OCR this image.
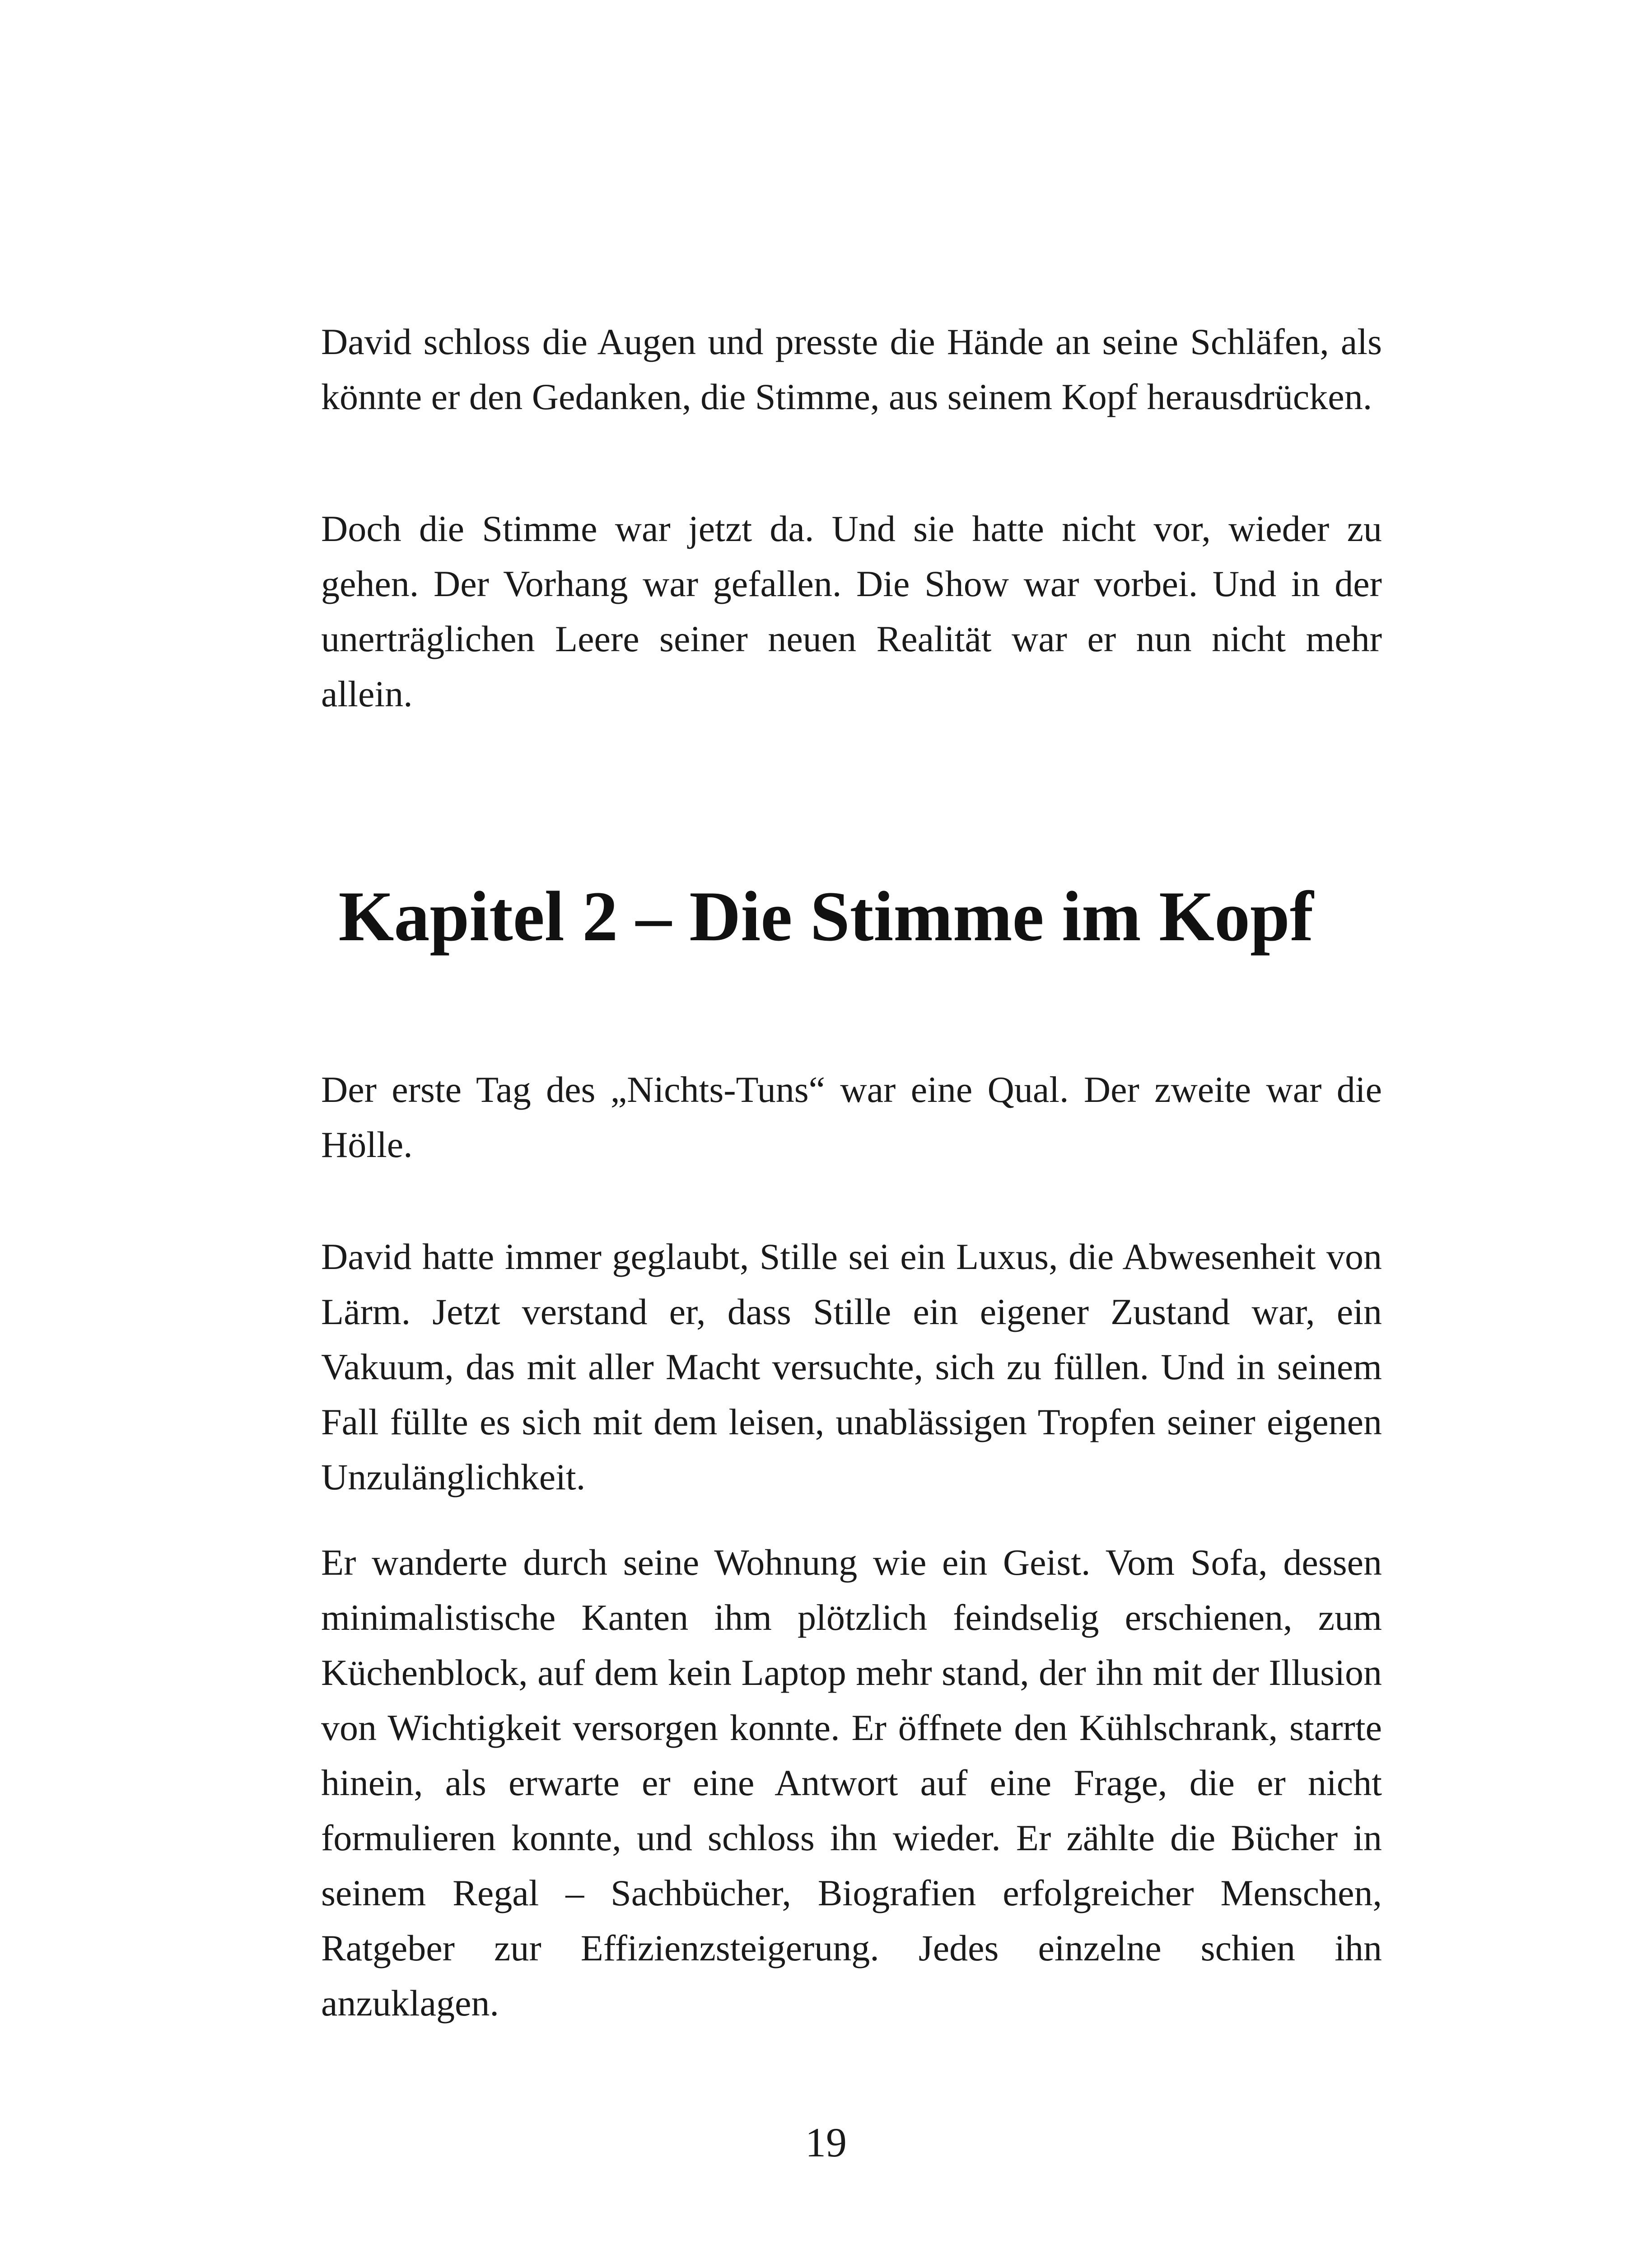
David schloss die Augen und presste die Hände an seine Schläfen, als könnte er den Gedanken, die Stimme, aus seinem Kopf herausdrücken.

Doch die Stimme war jetzt da. Und sie hatte nicht vor, wieder zu gehen. Der Vorhang war gefallen. Die Show war vorbei. Und in der unerträglichen Leere seiner neuen Realität war er nun nicht mehr allein.

Kapitel 2 – Die Stimme im Kopf

Der erste Tag des „Nichts-Tuns“ war eine Qual. Der zweite war die Hölle.

David hatte immer geglaubt, Stille sei ein Luxus, die Abwesenheit von Lärm. Jetzt verstand er, dass Stille ein eigener Zustand war, ein Vakuum, das mit aller Macht versuchte, sich zu füllen. Und in seinem Fall füllte es sich mit dem leisen, unablässigen Tropfen seiner eigenen Unzulänglichkeit.

Er wanderte durch seine Wohnung wie ein Geist. Vom Sofa, dessen minimalistische Kanten ihm plötzlich feindselig erschienen, zum Küchenblock, auf dem kein Laptop mehr stand, der ihn mit der Illusion von Wichtigkeit versorgen konnte. Er öffnete den Kühlschrank, starrte hinein, als erwarte er eine Antwort auf eine Frage, die er nicht formulieren konnte, und schloss ihn wieder. Er zählte die Bücher in seinem Regal – Sachbücher, Biografien erfolgreicher Menschen, Ratgeber zur Effizienzsteigerung. Jedes einzelne schien ihn anzuklagen.

19
